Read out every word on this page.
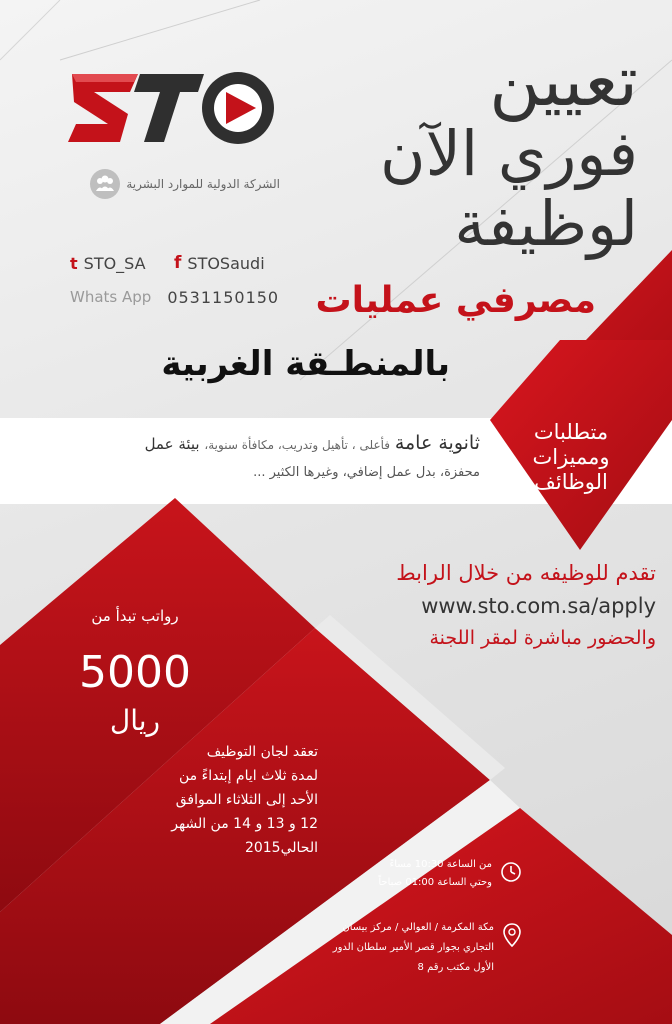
الشركة الدولية للموارد البشرية
t STO_SA f STOSaudi
Whats App 0531150150
تعيين
فوري الآن
لوظيفة
مصرفي عمليات
بالمنطـقة الغربية
متطلبات
ومميزات
الوظائف
ثانوية عامة فأعلى ، تأهيل وتدريب، مكافأة سنوية، بيئة عمل
محفزة، بدل عمل إضافي، وغيرها الكثير ...
تقدم للوظيفه من خلال الرابط
www.sto.com.sa/apply
والحضور مباشرة لمقر اللجنة
رواتب تبدأ من
5000
ريال
تعقد لجان التوظيف
لمدة ثلاث ايام إبتداءً من
الأحد إلى الثلاثاء الموافق
12 و 13 و 14 من الشهر
الحالي2015
من الساعة 10:30 مساءً
وحتي الساعة 01:00 صباحاً
مكة المكرمة / العوالي / مركز بيسان
التجاري بجوار قصر الأمير سلطان الدور
الأول مكتب رقم 8
